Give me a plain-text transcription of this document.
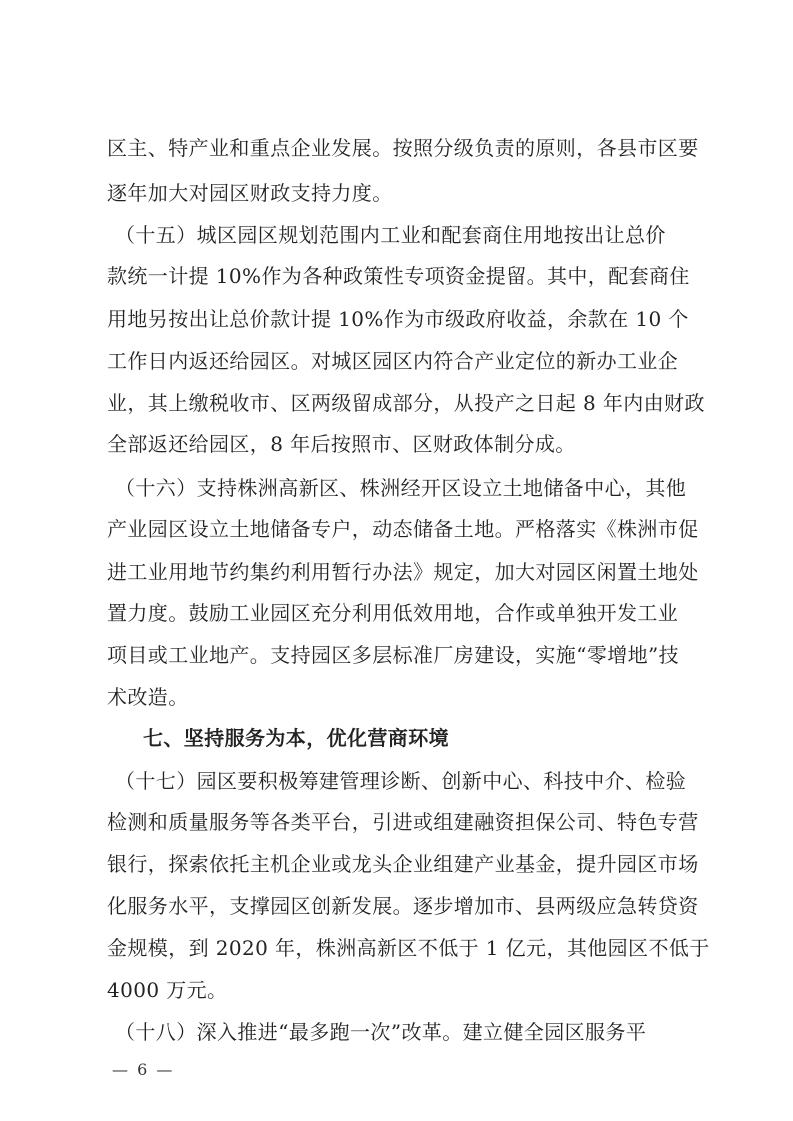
区主、特产业和重点企业发展。按照分级负责的原则，各县市区要
逐年加大对园区财政支持力度。
（十五）城区园区规划范围内工业和配套商住用地按出让总价
款统一计提 10%作为各种政策性专项资金提留。其中，配套商住
用地另按出让总价款计提 10%作为市级政府收益，余款在 10 个
工作日内返还给园区。对城区园区内符合产业定位的新办工业企
业，其上缴税收市、区两级留成部分，从投产之日起 8 年内由财政
全部返还给园区，8 年后按照市、区财政体制分成。
（十六）支持株洲高新区、株洲经开区设立土地储备中心，其他
产业园区设立土地储备专户，动态储备土地。严格落实《株洲市促
进工业用地节约集约利用暂行办法》规定，加大对园区闲置土地处
置力度。鼓励工业园区充分利用低效用地，合作或单独开发工业
项目或工业地产。支持园区多层标准厂房建设，实施“零增地”技
术改造。
七、坚持服务为本，优化营商环境
（十七）园区要积极筹建管理诊断、创新中心、科技中介、检验
检测和质量服务等各类平台，引进或组建融资担保公司、特色专营
银行，探索依托主机企业或龙头企业组建产业基金，提升园区市场
化服务水平，支撑园区创新发展。逐步增加市、县两级应急转贷资
金规模，到 2020 年，株洲高新区不低于 1 亿元，其他园区不低于
4000 万元。
（十八）深入推进“最多跑一次”改革。建立健全园区服务平
— 6 —
